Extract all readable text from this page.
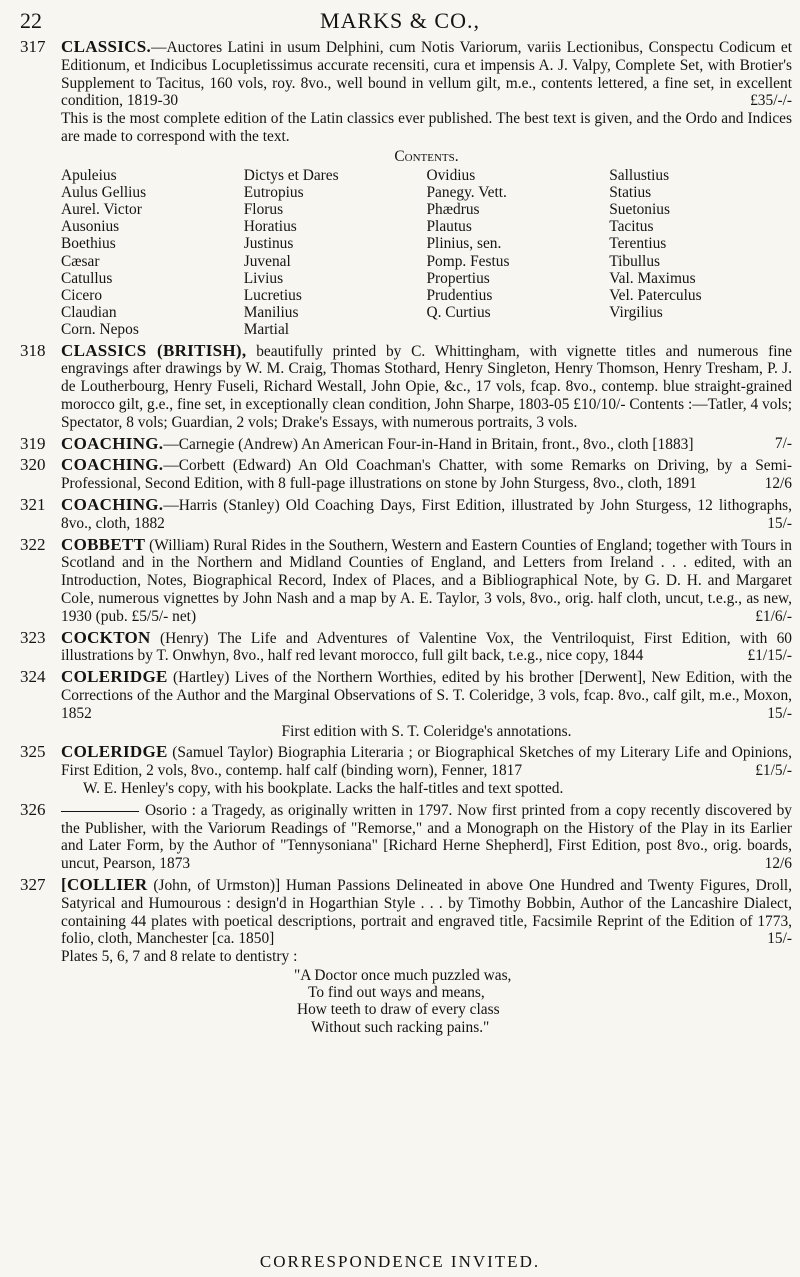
22	MARKS & CO.,
317 CLASSICS.—Auctores Latini in usum Delphini, cum Notis Variorum, variis Lectionibus, Conspectu Codicum et Editionum, et Indicibus Locupletissimus accurate recensiti, cura et impensis A. J. Valpy, Complete Set, with Brotier's Supplement to Tacitus, 160 vols, roy. 8vo., well bound in vellum gilt, m.e., contents lettered, a fine set, in excellent condition, 1819-30	£35/-/-
This is the most complete edition of the Latin classics ever published. The best text is given, and the Ordo and Indices are made to correspond with the text.
Contents.
Apuleius	Dictys et Dares	Ovidius	Sallustius
Aulus Gellius	Eutropius	Panegy. Vett.	Statius
Aurel. Victor	Florus	Phædrus	Suetonius
Ausonius	Horatius	Plautus	Tacitus
Boethius	Justinus	Plinius, sen.	Terentius
Cæsar	Juvenal	Pomp. Festus	Tibullus
Catullus	Livius	Propertius	Val. Maximus
Cicero	Lucretius	Prudentius	Vel. Paterculus
Claudian	Manilius	Q. Curtius	Virgilius
Corn. Nepos	Martial		
318 CLASSICS (BRITISH), beautifully printed by C. Whittingham, with vignette titles and numerous fine engravings after drawings by W. M. Craig, Thomas Stothard, Henry Singleton, Henry Thomson, Henry Tresham, P. J. de Loutherbourg, Henry Fuseli, Richard Westall, John Opie, &c., 17 vols, fcap. 8vo., contemp. blue straight-grained morocco gilt, g.e., fine set, in exceptionally clean condition, John Sharpe, 1803-05 £10/10/- Contents :—Tatler, 4 vols; Spectator, 8 vols; Guardian, 2 vols; Drake's Essays, with numerous portraits, 3 vols.
319 COACHING.—Carnegie (Andrew) An American Four-in-Hand in Britain, front., 8vo., cloth [1883]	7/-
320 COACHING.—Corbett (Edward) An Old Coachman's Chatter, with some Remarks on Driving, by a Semi-Professional, Second Edition, with 8 full-page illustrations on stone by John Sturgess, 8vo., cloth, 1891	12/6
321 COACHING.—Harris (Stanley) Old Coaching Days, First Edition, illustrated by John Sturgess, 12 lithographs, 8vo., cloth, 1882	15/-
322 COBBETT (William) Rural Rides in the Southern, Western and Eastern Counties of England; together with Tours in Scotland and in the Northern and Midland Counties of England, and Letters from Ireland . . . edited, with an Introduction, Notes, Biographical Record, Index of Places, and a Bibliographical Note, by G. D. H. and Margaret Cole, numerous vignettes by John Nash and a map by A. E. Taylor, 3 vols, 8vo., orig. half cloth, uncut, t.e.g., as new, 1930 (pub. £5/5/- net)	£1/6/-
323 COCKTON (Henry) The Life and Adventures of Valentine Vox, the Ventriloquist, First Edition, with 60 illustrations by T. Onwhyn, 8vo., half red levant morocco, full gilt back, t.e.g., nice copy, 1844	£1/15/-
324 COLERIDGE (Hartley) Lives of the Northern Worthies, edited by his brother [Derwent], New Edition, with the Corrections of the Author and the Marginal Observations of S. T. Coleridge, 3 vols, fcap. 8vo., calf gilt, m.e., Moxon, 1852	15/-
First edition with S. T. Coleridge's annotations.
325 COLERIDGE (Samuel Taylor) Biographia Literaria ; or Biographical Sketches of my Literary Life and Opinions, First Edition, 2 vols, 8vo., contemp. half calf (binding worn), Fenner, 1817	£1/5/-
W. E. Henley's copy, with his bookplate. Lacks the half-titles and text spotted.
326	Osorio : a Tragedy, as originally written in 1797. Now first printed from a copy recently discovered by the Publisher, with the Variorum Readings of "Remorse," and a Monograph on the History of the Play in its Earlier and Later Form, by the Author of "Tennysoniana" [Richard Herne Shepherd], First Edition, post 8vo., orig. boards, uncut, Pearson, 1873	12/6
327 [COLLIER (John, of Urmston)] Human Passions Delineated in above One Hundred and Twenty Figures, Droll, Satyrical and Humourous : design'd in Hogarthian Style . . . by Timothy Bobbin, Author of the Lancashire Dialect, containing 44 plates with poetical descriptions, portrait and engraved title, Facsimile Reprint of the Edition of 1773, folio, cloth, Manchester [ca. 1850]	15/-
Plates 5, 6, 7 and 8 relate to dentistry :
"A Doctor once much puzzled was,
To find out ways and means,
How teeth to draw of every class
Without such racking pains."
CORRESPONDENCE INVITED.
